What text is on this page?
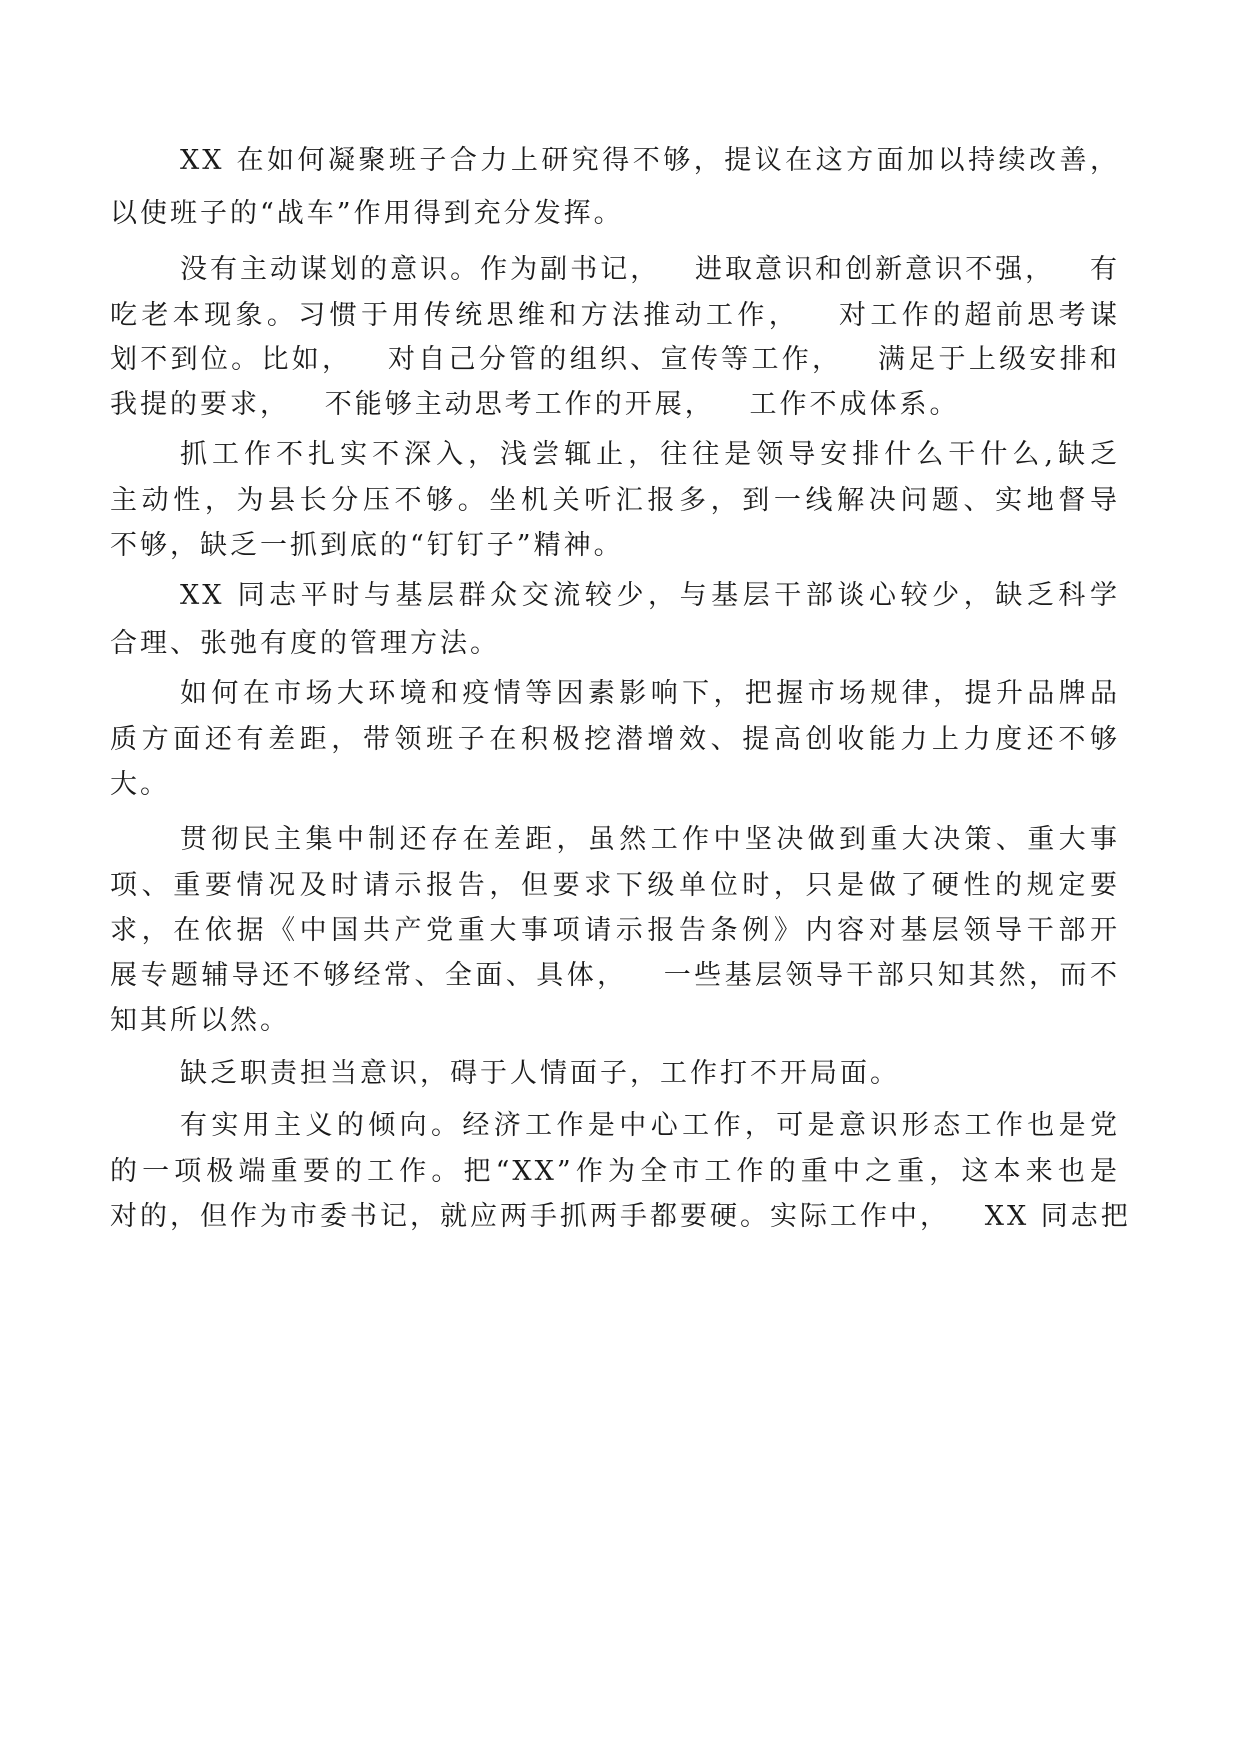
XX 在如何凝聚班子合力上研究得不够，提议在这方面加以持续改善，

以使班子的“战车”作用得到充分发挥。

没有主动谋划的意识。作为副书记，   进取意识和创新意识不强，   有

吃老本现象。习惯于用传统思维和方法推动工作，   对工作的超前思考谋

划不到位。比如，   对自己分管的组织、宣传等工作，   满足于上级安排和

我提的要求，   不能够主动思考工作的开展，   工作不成体系。

抓工作不扎实不深入，浅尝辄止，往往是领导安排什么干什么,缺乏

主动性，为县长分压不够。坐机关听汇报多，到一线解决问题、实地督导

不够，缺乏一抓到底的“钉钉子”精神。

XX 同志平时与基层群众交流较少，与基层干部谈心较少，缺乏科学

合理、张弛有度的管理方法。

如何在市场大环境和疫情等因素影响下，把握市场规律，提升品牌品

质方面还有差距，带领班子在积极挖潜增效、提高创收能力上力度还不够

大。

贯彻民主集中制还存在差距，虽然工作中坚决做到重大决策、重大事

项、重要情况及时请示报告，但要求下级单位时，只是做了硬性的规定要

求，在依据《中国共产党重大事项请示报告条例》内容对基层领导干部开

展专题辅导还不够经常、全面、具体，   一些基层领导干部只知其然，而不

知其所以然。

缺乏职责担当意识，碍于人情面子，工作打不开局面。

有实用主义的倾向。经济工作是中心工作，可是意识形态工作也是党

的一项极端重要的工作。把“XX”作为全市工作的重中之重，这本来也是

对的，但作为市委书记，就应两手抓两手都要硬。实际工作中，   XX 同志把
